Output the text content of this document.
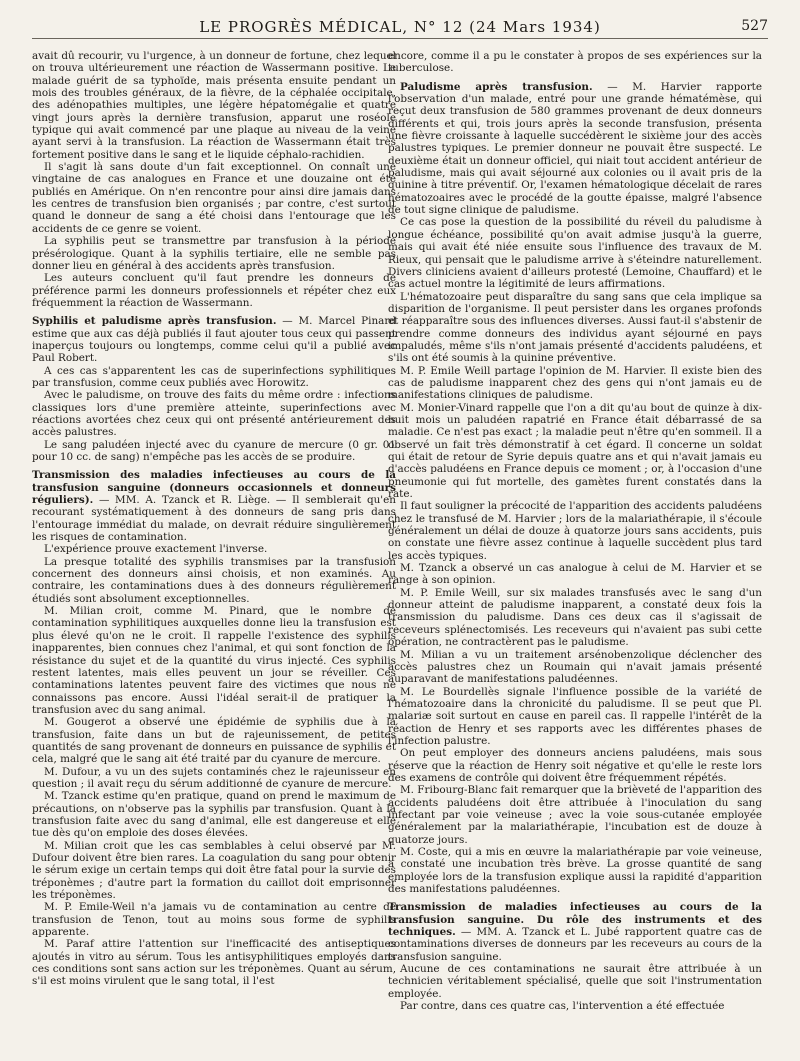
LE PROGRÈS MÉDICAL, N° 12 (24 Mars 1934)	527

avait dû recourir, vu l'urgence, à un donneur de fortune, chez lequel on trouva ultérieurement une réaction de Wassermann positive. Le malade guérit de sa typhoïde, mais présenta ensuite pendant un mois des troubles généraux, de la fièvre, de la céphalée occipitale, des adénopathies multiples, une légère hépatomégalie et quatre vingt jours après la dernière transfusion, apparut une roséole typique qui avait commencé par une plaque au niveau de la veine ayant servi à la transfusion. La réaction de Wassermann était très fortement positive dans le sang et le liquide céphalo-rachidien.

Il s'agit là sans doute d'un fait exceptionnel. On connaît une vingtaine de cas analogues en France et une douzaine ont été publiés en Amérique. On n'en rencontre pour ainsi dire jamais dans les centres de transfusion bien organisés ; par contre, c'est surtout quand le donneur de sang a été choisi dans l'entourage que les accidents de ce genre se voient.

La syphilis peut se transmettre par transfusion à la période présérologique. Quant à la syphilis tertiaire, elle ne semble pas donner lieu en général à des accidents après transfusion.

Les auteurs concluent qu'il faut prendre les donneurs de préférence parmi les donneurs professionnels et répéter chez eux fréquemment la réaction de Wassermann.

Syphilis et paludisme après transfusion. — M. Marcel Pinard estime que aux cas déjà publiés il faut ajouter tous ceux qui passent inaperçus toujours ou longtemps, comme celui qu'il a publié avec Paul Robert.

A ces cas s'apparentent les cas de superinfections syphilitiques par transfusion, comme ceux publiés avec Horowitz.

Avec le paludisme, on trouve des faits du même ordre : infections classiques lors d'une première atteinte, superinfections avec réactions avortées chez ceux qui ont présenté antérieurement des accès palustres.

Le sang paludéen injecté avec du cyanure de mercure (0 gr. 01 pour 10 cc. de sang) n'empêche pas les accès de se produire.

Transmission des maladies infectieuses au cours de la transfusion sanguine (donneurs occasionnels et donneurs réguliers). — MM. A. Tzanck et R. Liège. — Il semblerait qu'en recourant systématiquement à des donneurs de sang pris dans l'entourage immédiat du malade, on devrait réduire singulièrement les risques de contamination.

L'expérience prouve exactement l'inverse.

La presque totalité des syphilis transmises par la transfusion concernent des donneurs ainsi choisis, et non examinés. Au contraire, les contaminations dues à des donneurs régulièrement étudiés sont absolument exceptionnelles.

M. Milian croit, comme M. Pinard, que le nombre de contamination syphilitiques auxquelles donne lieu la transfusion est plus élevé qu'on ne le croit. Il rappelle l'existence des syphilis inapparentes, bien connues chez l'animal, et qui sont fonction de la résistance du sujet et de la quantité du virus injecté. Ces syphilis restent latentes, mais elles peuvent un jour se réveiller. Ces contaminations latentes peuvent faire des victimes que nous ne connaissons pas encore. Aussi l'idéal serait-il de pratiquer la transfusion avec du sang animal.

M. Gougerot a observé une épidémie de syphilis due à la transfusion, faite dans un but de rajeunissement, de petites quantités de sang provenant de donneurs en puissance de syphilis et cela, malgré que le sang ait été traité par du cyanure de mercure.

M. Dufour, a vu un des sujets contaminés chez le rajeunisseur en question ; il avait reçu du sérum additionné de cyanure de mercure.

M. Tzanck estime qu'en pratique, quand on prend le maximum de précautions, on n'observe pas la syphilis par transfusion. Quant à la transfusion faite avec du sang d'animal, elle est dangereuse et elle tue dès qu'on emploie des doses élevées.

M. Milian croit que les cas semblables à celui observé par M. Dufour doivent être bien rares. La coagulation du sang pour obtenir le sérum exige un certain temps qui doit être fatal pour la survie des tréponèmes ; d'autre part la formation du caillot doit emprisonner les tréponèmes.

M. P. Emile-Weil n'a jamais vu de contamination au centre de transfusion de Tenon, tout au moins sous forme de syphilis apparente.

M. Paraf attire l'attention sur l'inefficacité des antiseptiques ajoutés in vitro au sérum. Tous les antisyphilitiques employés dans ces conditions sont sans action sur les tréponèmes. Quant au sérum, s'il est moins virulent que le sang total, il l'est

encore, comme il a pu le constater à propos de ses expériences sur la tuberculose.

Paludisme après transfusion. — M. Harvier rapporte l'observation d'un malade, entré pour une grande hématémèse, qui reçut deux transfusion de 580 grammes provenant de deux donneurs différents et qui, trois jours après la seconde transfusion, présenta une fièvre croissante à laquelle succédèrent le sixième jour des accès palustres typiques. Le premier donneur ne pouvait être suspecté. Le deuxième était un donneur officiel, qui niait tout accident antérieur de paludisme, mais qui avait séjourné aux colonies ou il avait pris de la quinine à titre préventif. Or, l'examen hématologique décelait de rares hématozoaires avec le procédé de la goutte épaisse, malgré l'absence de tout signe clinique de paludisme.

Ce cas pose la question de la possibilité du réveil du paludisme à longue échéance, possibilité qu'on avait admise jusqu'à la guerre, mais qui avait été niée ensuite sous l'influence des travaux de M. Rieux, qui pensait que le paludisme arrive à s'éteindre naturellement. Divers cliniciens avaient d'ailleurs protesté (Lemoine, Chauffard) et le cas actuel montre la légitimité de leurs affirmations.

L'hématozoaire peut disparaître du sang sans que cela implique sa disparition de l'organisme. Il peut persister dans les organes profonds et réapparaître sous des influences diverses. Aussi faut-il s'abstenir de prendre comme donneurs des individus ayant séjourné en pays impaludés, même s'ils n'ont jamais présenté d'accidents paludéens, et s'ils ont été soumis à la quinine préventive.

M. P. Emile Weill partage l'opinion de M. Harvier. Il existe bien des cas de paludisme inapparent chez des gens qui n'ont jamais eu de manifestations cliniques de paludisme.

M. Monier-Vinard rappelle que l'on a dit qu'au bout de quinze à dix-huit mois un paludéen rapatrié en France était débarrassé de sa maladie. Ce n'est pas exact ; la maladie peut n'être qu'en sommeil. Il a observé un fait très démonstratif à cet égard. Il concerne un soldat qui était de retour de Syrie depuis quatre ans et qui n'avait jamais eu d'accès paludéens en France depuis ce moment ; or, à l'occasion d'une pneumonie qui fut mortelle, des gamètes furent constatés dans la rate.

Il faut souligner la précocité de l'apparition des accidents paludéens chez le transfusé de M. Harvier ; lors de la malariathérapie, il s'écoule généralement un délai de douze à quatorze jours sans accidents, puis on constate une fièvre assez continue à laquelle succèdent plus tard les accès typiques.

M. Tzanck a observé un cas analogue à celui de M. Harvier et se range à son opinion.

M. P. Emile Weill, sur six malades transfusés avec le sang d'un donneur atteint de paludisme inapparent, a constaté deux fois la transmission du paludisme. Dans ces deux cas il s'agissait de receveurs splénectomisés. Les receveurs qui n'avaient pas subi cette opération, ne contractèrent pas le paludisme.

M. Milian a vu un traitement arsénobenzolique déclencher des accès palustres chez un Roumain qui n'avait jamais présenté auparavant de manifestations paludéennes.

M. Le Bourdellès signale l'influence possible de la variété de l'hématozoaire dans la chronicité du paludisme. Il se peut que Pl. malariæ soit surtout en cause en pareil cas. Il rappelle l'intérêt de la réaction de Henry et ses rapports avec les différentes phases de l'infection palustre.

On peut employer des donneurs anciens paludéens, mais sous réserve que la réaction de Henry soit négative et qu'elle le reste lors des examens de contrôle qui doivent être fréquemment répétés.

M. Fribourg-Blanc fait remarquer que la brièveté de l'apparition des accidents paludéens doit être attribuée à l'inoculation du sang infectant par voie veineuse ; avec la voie sous-cutanée employée généralement par la malariathérapie, l'incubation est de douze à quatorze jours.

M. Coste, qui a mis en œuvre la malariathérapie par voie veineuse, a constaté une incubation très brève. La grosse quantité de sang employée lors de la transfusion explique aussi la rapidité d'apparition des manifestations paludéennes.

Transmission de maladies infectieuses au cours de la transfusion sanguine. Du rôle des instruments et des techniques. — MM. A. Tzanck et L. Jubé rapportent quatre cas de contaminations diverses de donneurs par les receveurs au cours de la transfusion sanguine.

Aucune de ces contaminations ne saurait être attribuée à un technicien véritablement spécialisé, quelle que soit l'instrumentation employée.

Par contre, dans ces quatre cas, l'intervention a été effectuée
